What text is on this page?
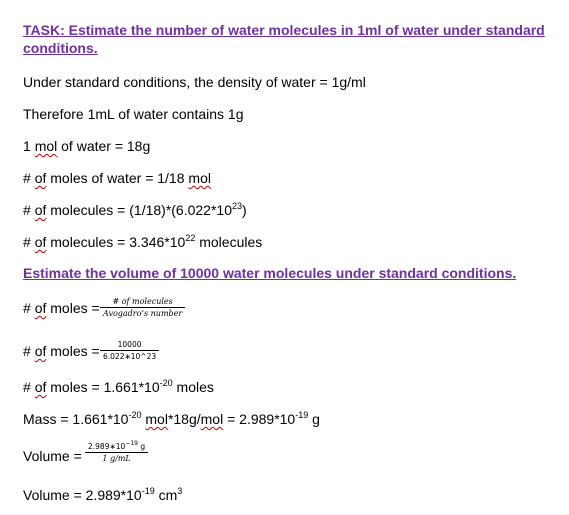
TASK: Estimate the number of water molecules in 1ml of water under standard
conditions.
Under standard conditions, the density of water = 1g/ml
Therefore 1mL of water contains 1g
1 mol of water = 18g
# of moles of water = 1/18 mol
# of molecules = $(1/18)*(6.022*10^{23})$
# of molecules = $3.346*10^{22}$ molecules
Estimate the volume of 10000 water molecules under standard conditions.
# of moles =	# of molecules
Avogadro’s number
# of moles =	10000
6.022∗10^23
# of moles = $1.661*10^{-20}$ moles
Mass = $1.661*10^{-20}$ $mol*18g/mol = 2.989*10^{-19}$ g
Volume =
$2.989∗10^{-19}$ g
1 g/mL
Volume = $2.989*10^{-19}$ $cm^3$
